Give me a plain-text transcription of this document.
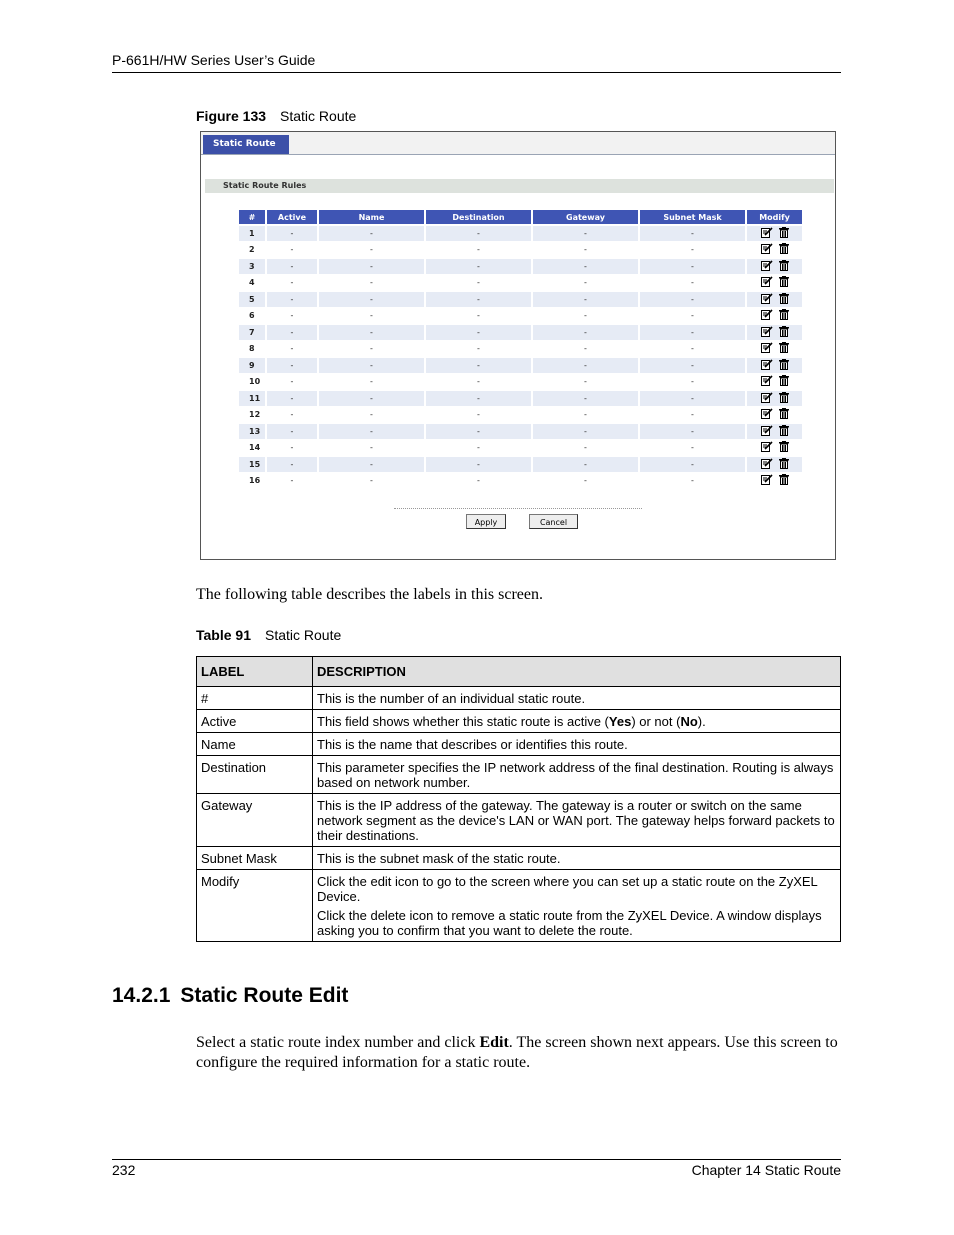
P-661H/HW Series User’s Guide
Figure 133 Static Route
Static Route
Static Route Rules
#	Active	Name	Destination	Gateway	Subnet Mask	Modify
1	-	-	-	-	-	
2	-	-	-	-	-	
3	-	-	-	-	-	
4	-	-	-	-	-	
5	-	-	-	-	-	
6	-	-	-	-	-	
7	-	-	-	-	-	
8	-	-	-	-	-	
9	-	-	-	-	-	
10	-	-	-	-	-	
11	-	-	-	-	-	
12	-	-	-	-	-	
13	-	-	-	-	-	
14	-	-	-	-	-	
15	-	-	-	-	-	
16	-	-	-	-	-	
Apply	Cancel
The following table describes the labels in this screen.
Table 91 Static Route
LABEL	DESCRIPTION
#	This is the number of an individual static route.

Active	This field shows whether this static route is active (Yes) or not (No).

Name	This is the name that describes or identifies this route.

Destination	This parameter specifies the IP network address of the final destination. Routing is always based on network number.

Gateway	This is the IP address of the gateway. The gateway is a router or switch on the same network segment as the device's LAN or WAN port. The gateway helps forward packets to their destinations.

Subnet Mask	This is the subnet mask of the static route.

Modify	Click the edit icon to go to the screen where you can set up a static route on the ZyXEL Device.

Click the delete icon to remove a static route from the ZyXEL Device. A window displays asking you to confirm that you want to delete the route.

14.2.1 Static Route Edit
Select a static route index number and click Edit. The screen shown next appears. Use this screen to configure the required information for a static route.
232	Chapter 14 Static Route
